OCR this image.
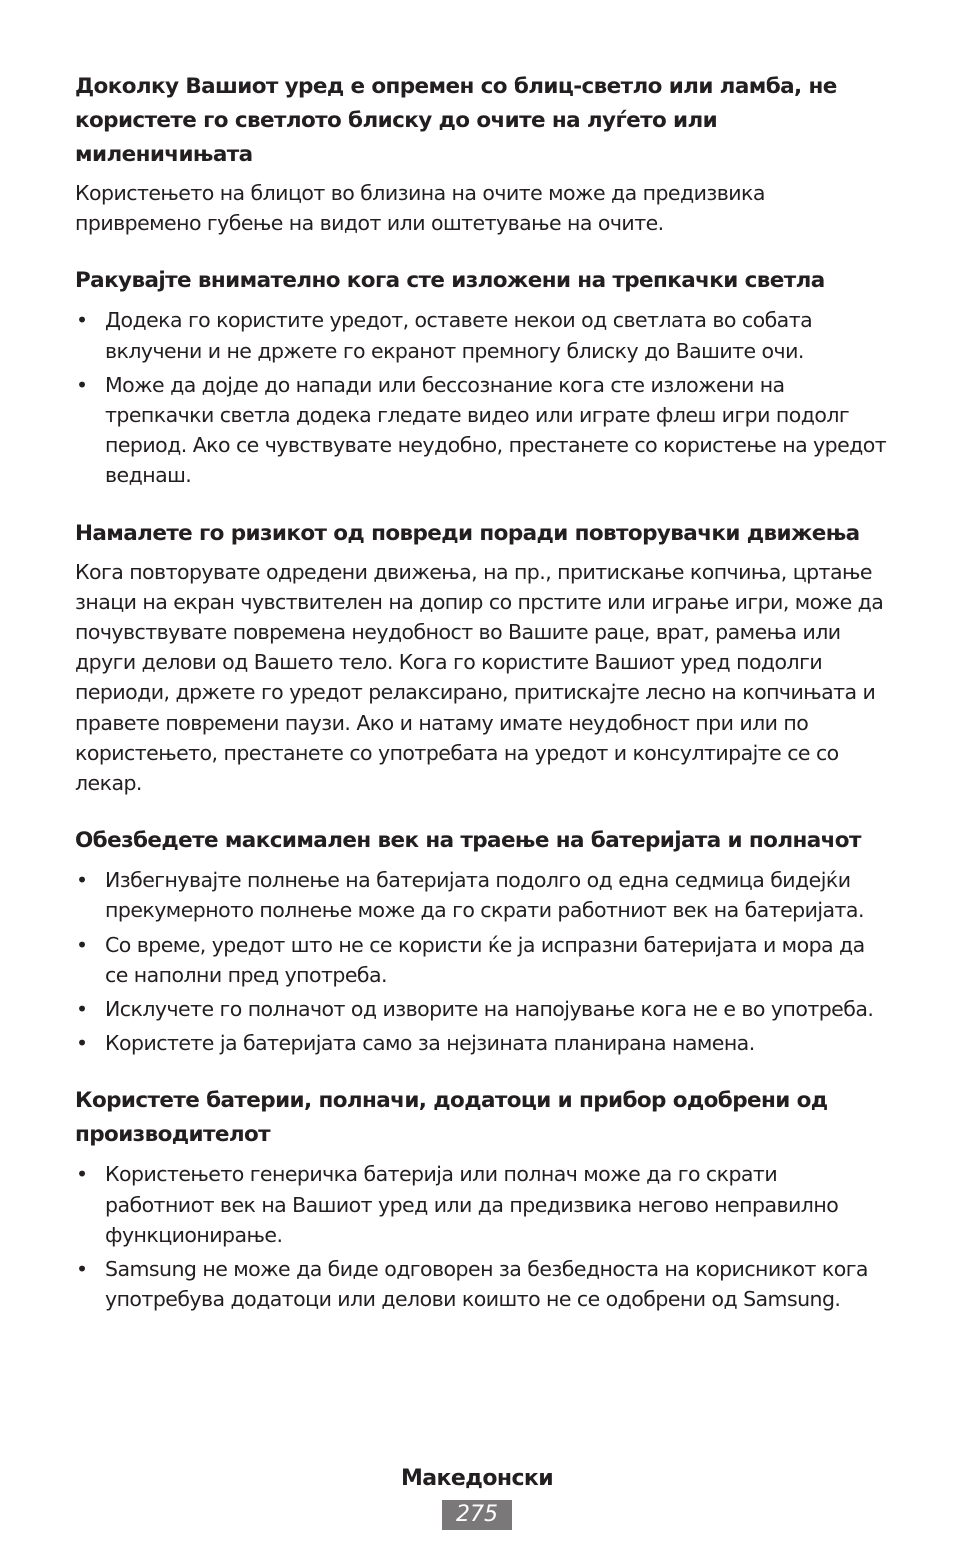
Доколку Вашиот уред е опремен со блиц-светло или ламба, не користете го светлото блиску до очите на луѓето или миленичињата

Користењето на блицот во близина на очите може да предизвика привремено губење на видот или оштетување на очите.

Ракувајте внимателно кога сте изложени на трепкачки светла
• Додека го користите уредот, оставете некои од светлата во собата вклучени и не држете го екранот премногу блиску до Вашите очи.
• Може да дојде до напади или бессознание кога сте изложени на трепкачки светла додека гледате видео или играте флеш игри подолг период. Ако се чувствувате неудобно, престанете со користење на уредот веднаш.
Намалете го ризикот од повреди поради повторувачки движења

Кога повторувате одредени движења, на пр., притискање копчиња, цртање знаци на екран чувствителен на допир со прстите или играње игри, може да почувствувате повремена неудобност во Вашите раце, врат, рамења или други делови од Вашето тело. Кога го користите Вашиот уред подолги периоди, држете го уредот релаксирано, притискајте лесно на копчињата и правете повремени паузи. Ако и натаму имате неудобност при или по користењето, престанете со употребата на уредот и консултирајте се со лекар.

Обезбедете максимален век на траење на батеријата и полначот
• Избегнувајте полнење на батеријата подолго од една седмица бидејќи прекумерното полнење може да го скрати работниот век на батеријата.
• Со време, уредот што не се користи ќе ја испразни батеријата и мора да се наполни пред употреба.
• Исклучете го полначот од изворите на напојување кога не е во употреба.
• Користете ја батеријата само за нејзината планирана намена.
Користете батерии, полначи, додатоци и прибор одобрени од производителот
• Користењето генеричка батерија или полнач може да го скрати работниот век на Вашиот уред или да предизвика негово неправилно функционирање.
• Samsung не може да биде одговорен за безбедноста на корисникот кога употребува додатоци или делови коишто не се одобрени од Samsung.
Македонски
275
